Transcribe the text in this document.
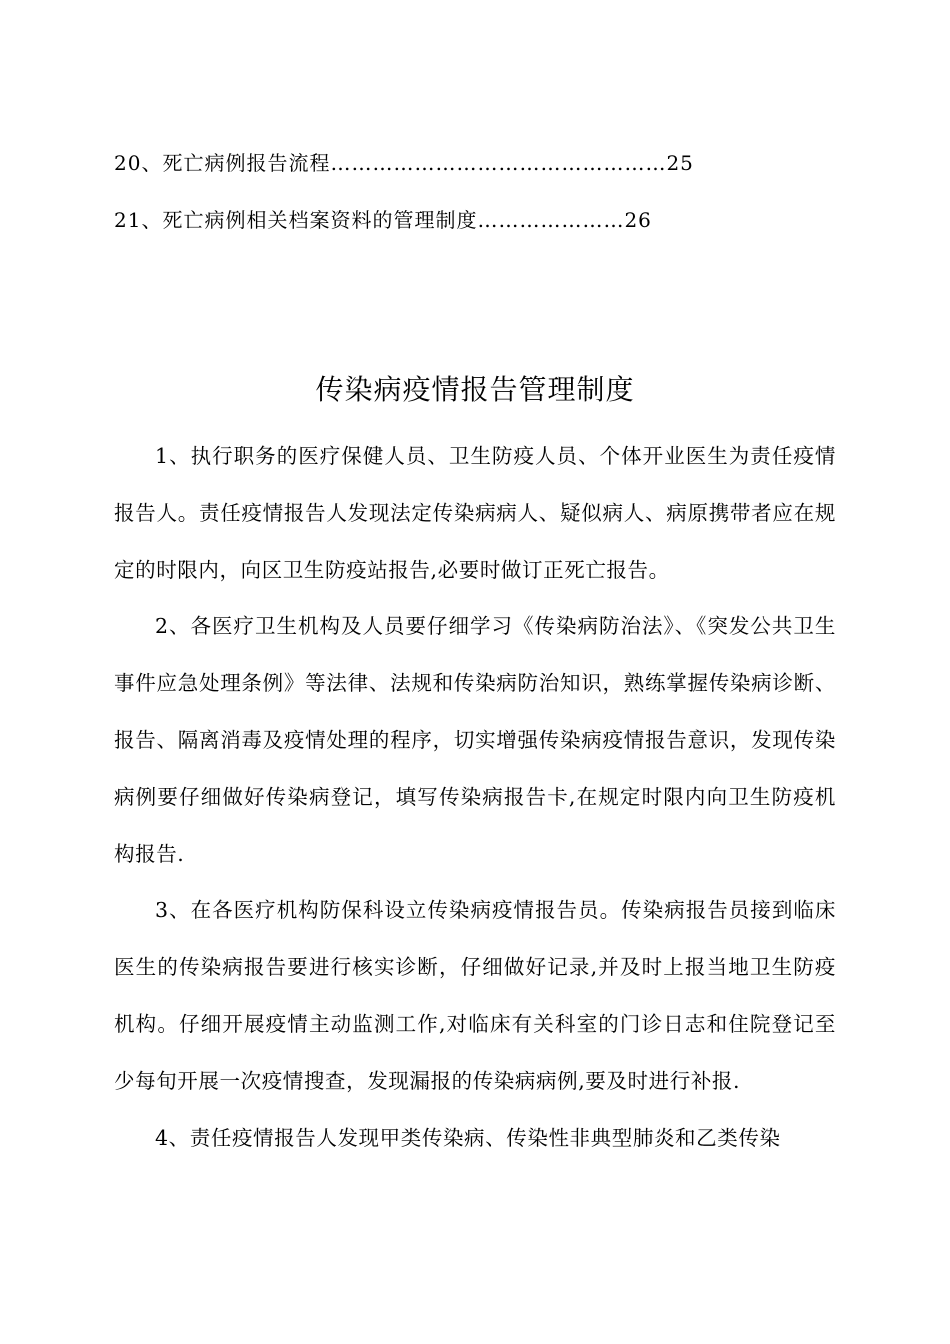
20、死亡病例报告流程…………………………………………25
21、死亡病例相关档案资料的管理制度…………………26
传染病疫情报告管理制度

1、执行职务的医疗保健人员、卫生防疫人员、个体开业医生为责任疫情报告人。责任疫情报告人发现法定传染病病人、疑似病人、病原携带者应在规定的时限内，向区卫生防疫站报告,必要时做订正死亡报告。

2、各医疗卫生机构及人员要仔细学习《传染病防治法》、《突发公共卫生事件应急处理条例》等法律、法规和传染病防治知识，熟练掌握传染病诊断、报告、隔离消毒及疫情处理的程序，切实增强传染病疫情报告意识，发现传染病例要仔细做好传染病登记，填写传染病报告卡,在规定时限内向卫生防疫机构报告.

3、在各医疗机构防保科设立传染病疫情报告员。传染病报告员接到临床医生的传染病报告要进行核实诊断，仔细做好记录,并及时上报当地卫生防疫机构。仔细开展疫情主动监测工作,对临床有关科室的门诊日志和住院登记至少每旬开展一次疫情搜查，发现漏报的传染病病例,要及时进行补报.

4、责任疫情报告人发现甲类传染病、传染性非典型肺炎和乙类传染
